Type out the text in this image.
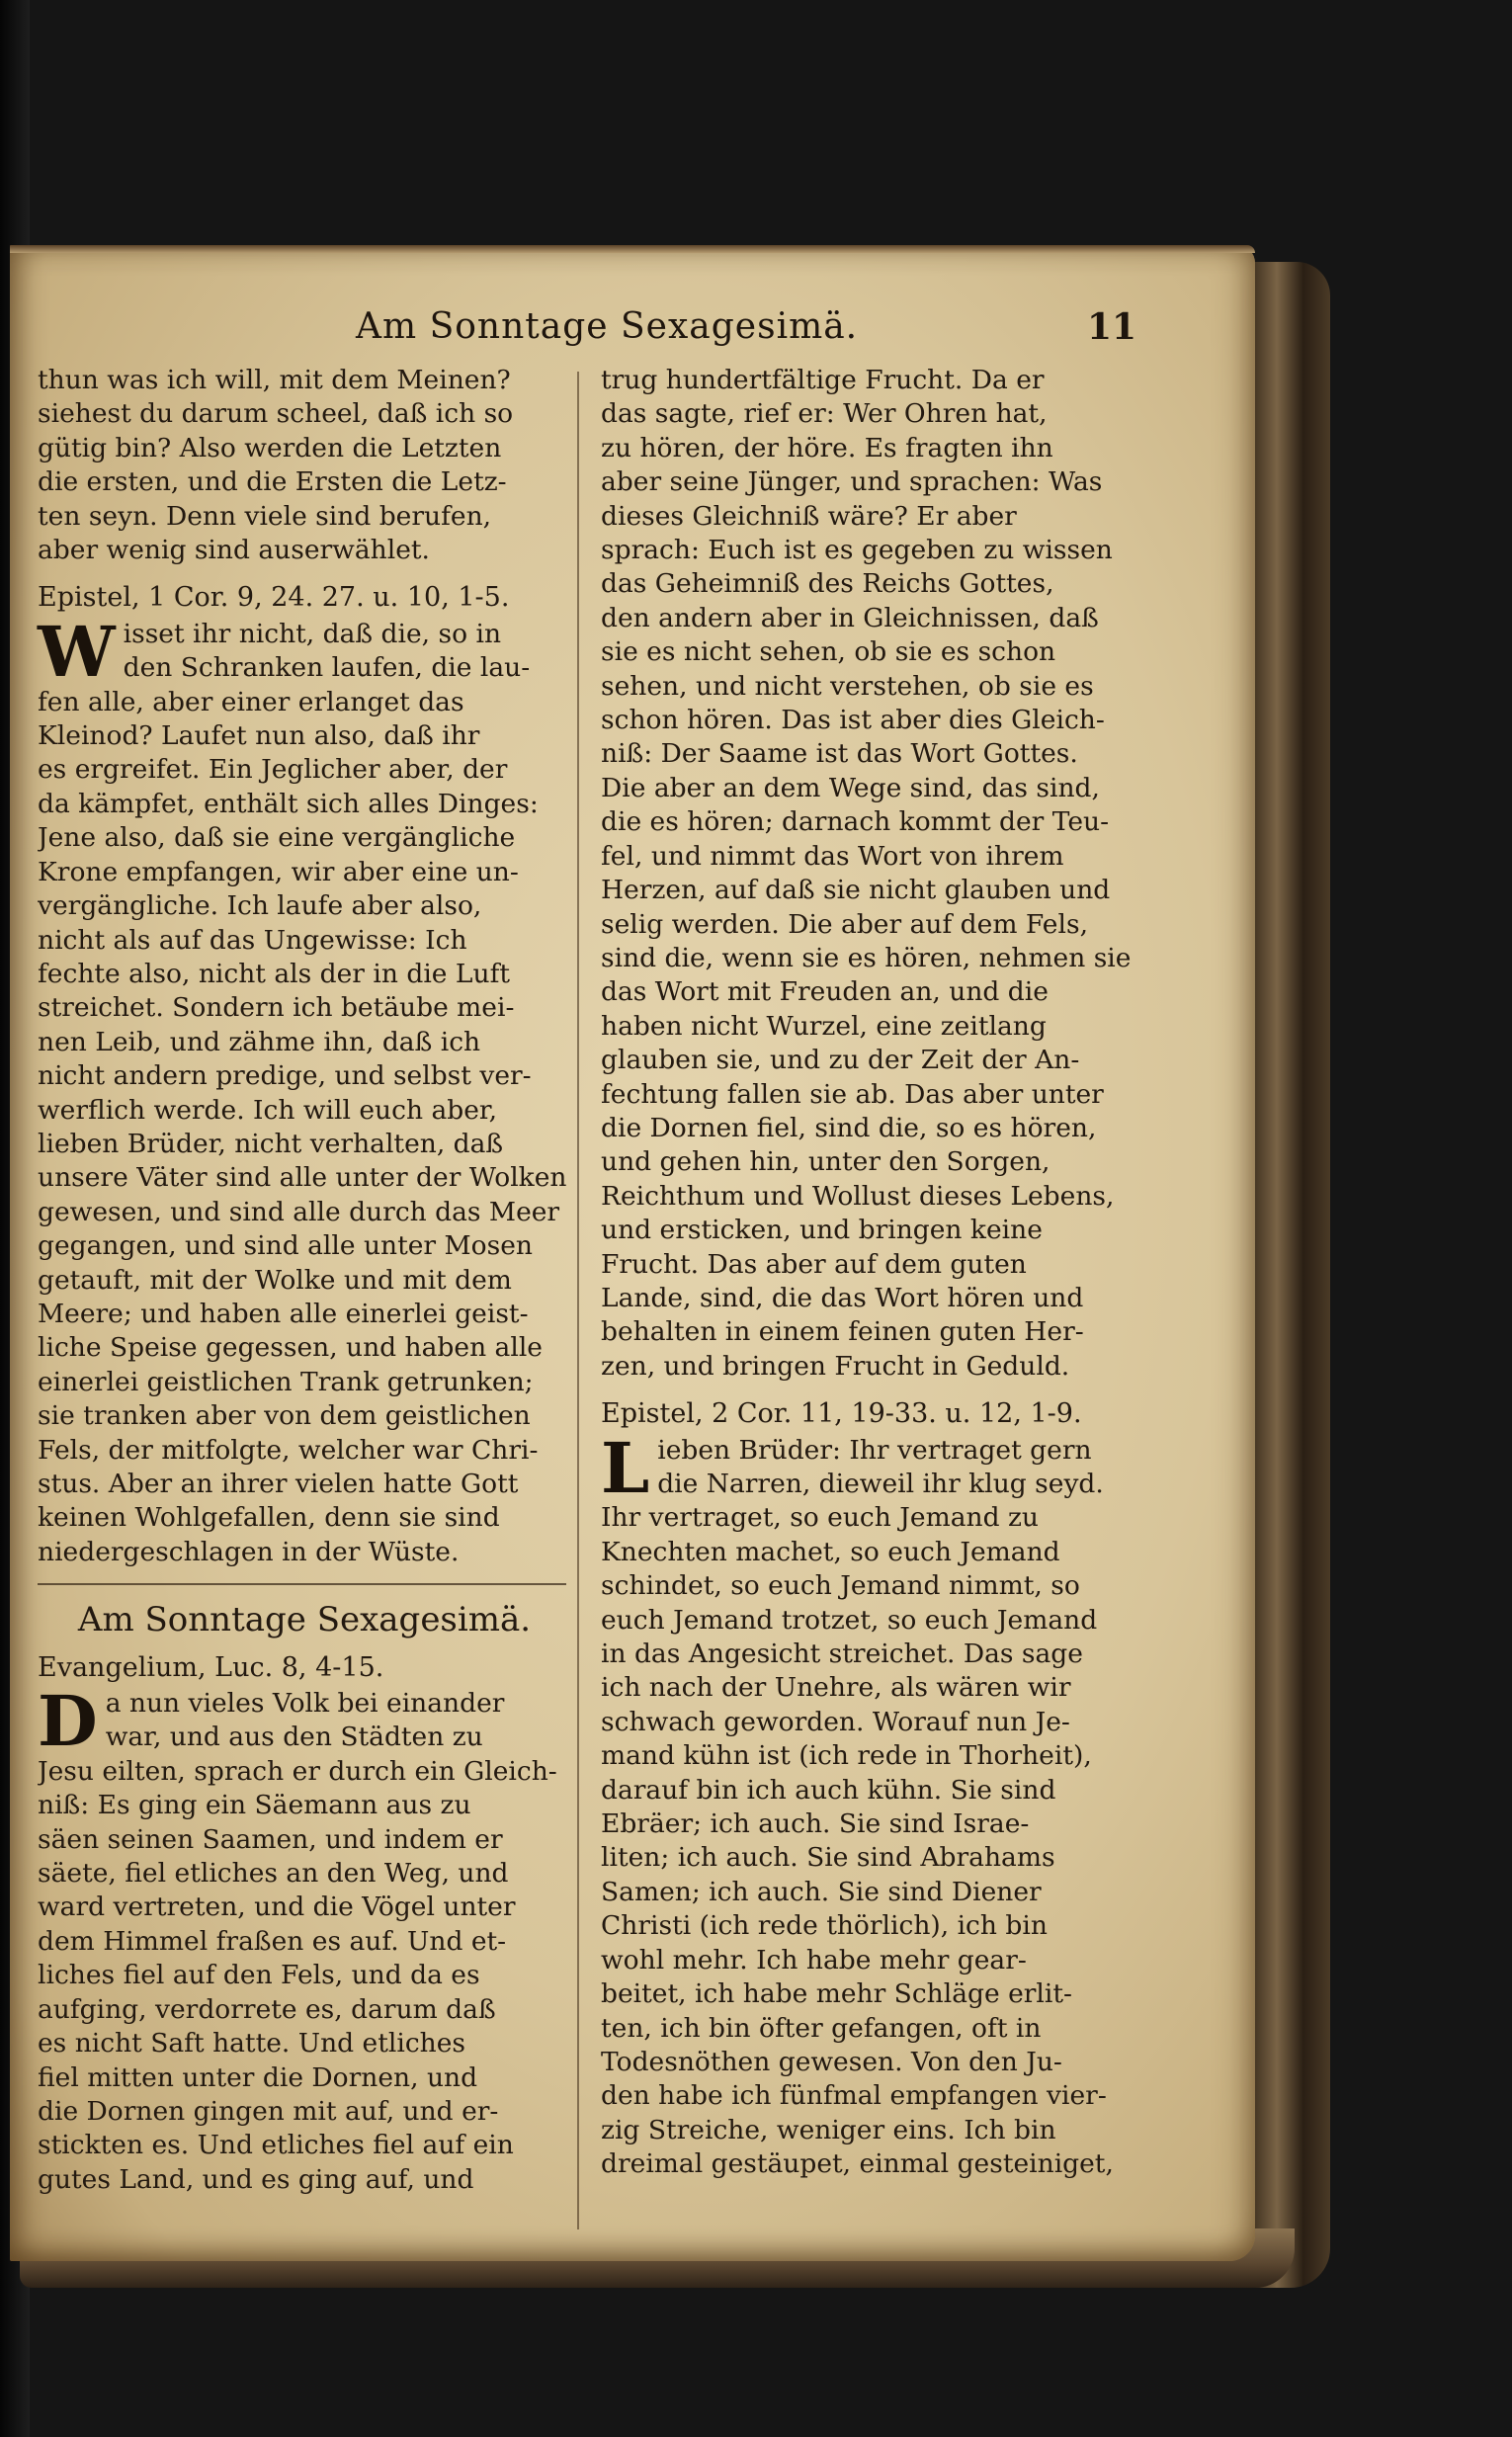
Am Sonntage Sexagesimä.	11
thun was ich will, mit dem Meinen?
siehest du darum scheel, daß ich so
gütig bin? Also werden die Letzten
die ersten, und die Ersten die Letz-
ten seyn. Denn viele sind berufen,
aber wenig sind auserwählet.
Epistel, 1 Cor. 9, 24. 27. u. 10, 1-5.
W isset ihr nicht, daß die, so in
den Schranken laufen, die lau-
fen alle, aber einer erlanget das
Kleinod? Laufet nun also, daß ihr
es ergreifet. Ein Jeglicher aber, der
da kämpfet, enthält sich alles Dinges:
Jene also, daß sie eine vergängliche
Krone empfangen, wir aber eine un-
vergängliche. Ich laufe aber also,
nicht als auf das Ungewisse: Ich
fechte also, nicht als der in die Luft
streichet. Sondern ich betäube mei-
nen Leib, und zähme ihn, daß ich
nicht andern predige, und selbst ver-
werflich werde. Ich will euch aber,
lieben Brüder, nicht verhalten, daß
unsere Väter sind alle unter der Wolken
gewesen, und sind alle durch das Meer
gegangen, und sind alle unter Mosen
getauft, mit der Wolke und mit dem
Meere; und haben alle einerlei geist-
liche Speise gegessen, und haben alle
einerlei geistlichen Trank getrunken;
sie tranken aber von dem geistlichen
Fels, der mitfolgte, welcher war Chri-
stus. Aber an ihrer vielen hatte Gott
keinen Wohlgefallen, denn sie sind
niedergeschlagen in der Wüste.
Am Sonntage Sexagesimä.
Evangelium, Luc. 8, 4-15.
D a nun vieles Volk bei einander
war, und aus den Städten zu
Jesu eilten, sprach er durch ein Gleich-
niß: Es ging ein Säemann aus zu
säen seinen Saamen, und indem er
säete, fiel etliches an den Weg, und
ward vertreten, und die Vögel unter
dem Himmel fraßen es auf. Und et-
liches fiel auf den Fels, und da es
aufging, verdorrete es, darum daß
es nicht Saft hatte. Und etliches
fiel mitten unter die Dornen, und
die Dornen gingen mit auf, und er-
stickten es. Und etliches fiel auf ein
gutes Land, und es ging auf, und
trug hundertfältige Frucht. Da er
das sagte, rief er: Wer Ohren hat,
zu hören, der höre. Es fragten ihn
aber seine Jünger, und sprachen: Was
dieses Gleichniß wäre? Er aber
sprach: Euch ist es gegeben zu wissen
das Geheimniß des Reichs Gottes,
den andern aber in Gleichnissen, daß
sie es nicht sehen, ob sie es schon
sehen, und nicht verstehen, ob sie es
schon hören. Das ist aber dies Gleich-
niß: Der Saame ist das Wort Gottes.
Die aber an dem Wege sind, das sind,
die es hören; darnach kommt der Teu-
fel, und nimmt das Wort von ihrem
Herzen, auf daß sie nicht glauben und
selig werden. Die aber auf dem Fels,
sind die, wenn sie es hören, nehmen sie
das Wort mit Freuden an, und die
haben nicht Wurzel, eine zeitlang
glauben sie, und zu der Zeit der An-
fechtung fallen sie ab. Das aber unter
die Dornen fiel, sind die, so es hören,
und gehen hin, unter den Sorgen,
Reichthum und Wollust dieses Lebens,
und ersticken, und bringen keine
Frucht. Das aber auf dem guten
Lande, sind, die das Wort hören und
behalten in einem feinen guten Her-
zen, und bringen Frucht in Geduld.
Epistel, 2 Cor. 11, 19-33. u. 12, 1-9.
L ieben Brüder: Ihr vertraget gern
die Narren, dieweil ihr klug seyd.
Ihr vertraget, so euch Jemand zu
Knechten machet, so euch Jemand
schindet, so euch Jemand nimmt, so
euch Jemand trotzet, so euch Jemand
in das Angesicht streichet. Das sage
ich nach der Unehre, als wären wir
schwach geworden. Worauf nun Je-
mand kühn ist (ich rede in Thorheit),
darauf bin ich auch kühn. Sie sind
Ebräer; ich auch. Sie sind Israe-
liten; ich auch. Sie sind Abrahams
Samen; ich auch. Sie sind Diener
Christi (ich rede thörlich), ich bin
wohl mehr. Ich habe mehr gear-
beitet, ich habe mehr Schläge erlit-
ten, ich bin öfter gefangen, oft in
Todesnöthen gewesen. Von den Ju-
den habe ich fünfmal empfangen vier-
zig Streiche, weniger eins. Ich bin
dreimal gestäupet, einmal gesteiniget,
